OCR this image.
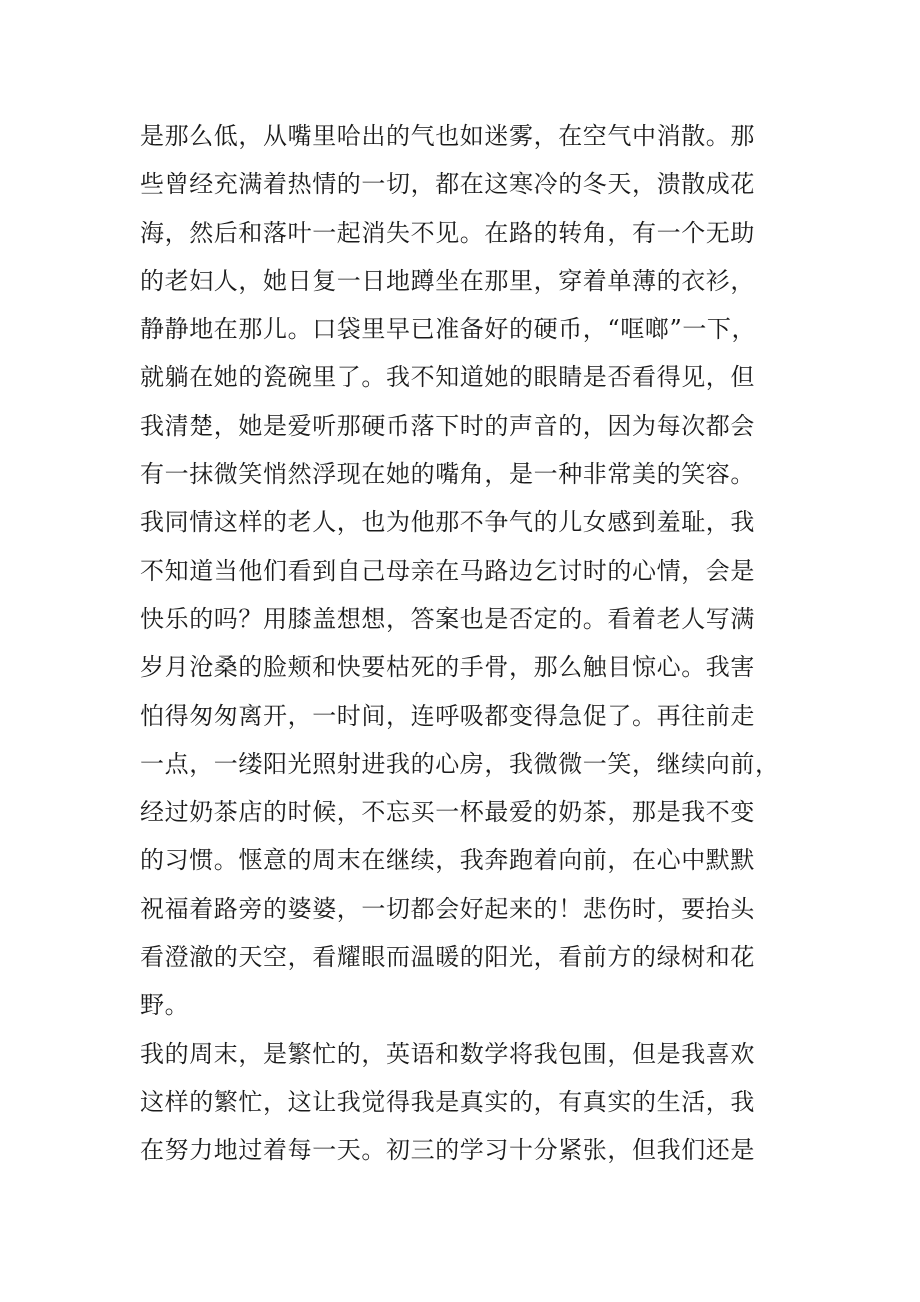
是那么低，从嘴里哈出的气也如迷雾，在空气中消散。那
些曾经充满着热情的一切，都在这寒冷的冬天，溃散成花
海，然后和落叶一起消失不见。在路的转角，有一个无助
的老妇人，她日复一日地蹲坐在那里，穿着单薄的衣衫，
静静地在那儿。口袋里早已准备好的硬币，“哐啷”一下，
就躺在她的瓷碗里了。我不知道她的眼睛是否看得见，但
我清楚，她是爱听那硬币落下时的声音的，因为每次都会
有一抹微笑悄然浮现在她的嘴角，是一种非常美的笑容。
我同情这样的老人，也为他那不争气的儿女感到羞耻，我
不知道当他们看到自己母亲在马路边乞讨时的心情，会是
快乐的吗？用膝盖想想，答案也是否定的。看着老人写满
岁月沧桑的脸颊和快要枯死的手骨，那么触目惊心。我害
怕得匆匆离开，一时间，连呼吸都变得急促了。再往前走
一点，一缕阳光照射进我的心房，我微微一笑，继续向前，
经过奶茶店的时候，不忘买一杯最爱的奶茶，那是我不变
的习惯。惬意的周末在继续，我奔跑着向前，在心中默默
祝福着路旁的婆婆，一切都会好起来的！悲伤时，要抬头
看澄澈的天空，看耀眼而温暖的阳光，看前方的绿树和花
野。
我的周末，是繁忙的，英语和数学将我包围，但是我喜欢
这样的繁忙，这让我觉得我是真实的，有真实的生活，我
在努力地过着每一天。初三的学习十分紧张，但我们还是
